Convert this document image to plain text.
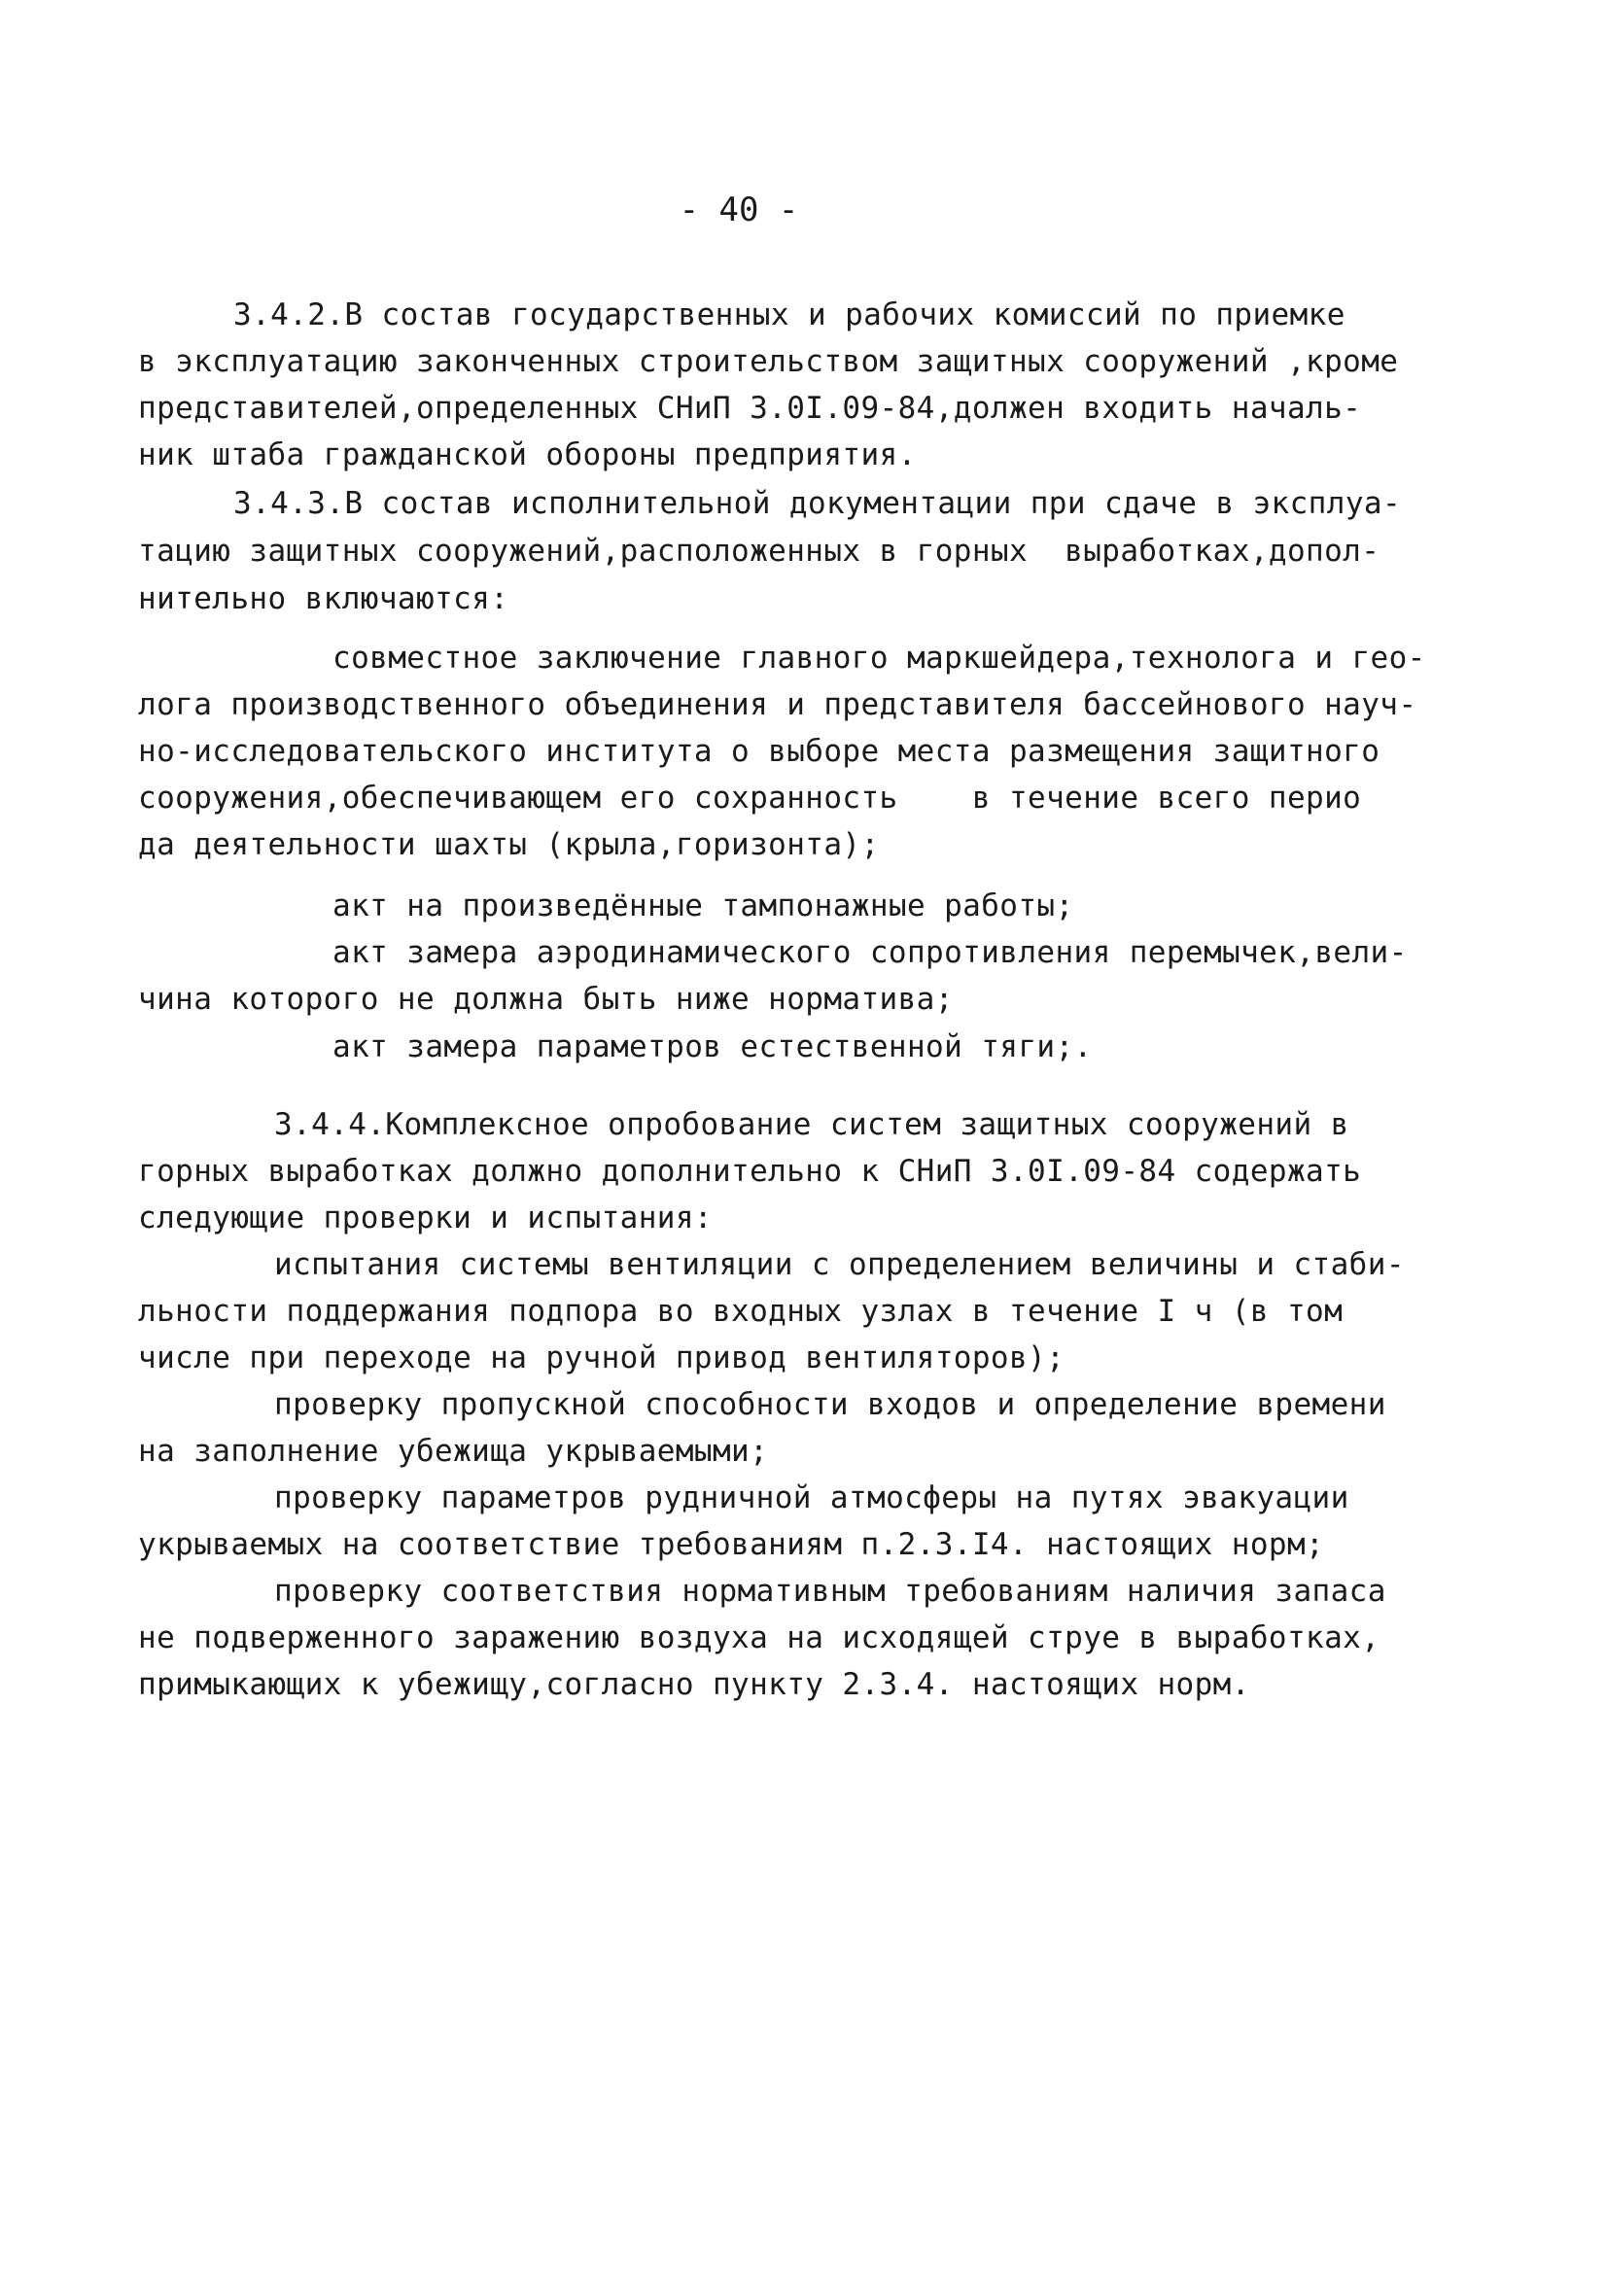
- 40 -
3.4.2.В состав государственных и рабочих комиссий по приемке
в эксплуатацию законченных строительством защитных сооружений ,кроме
представителей,определенных СНиП 3.0I.09-84,должен входить началь-
ник штаба гражданской обороны предприятия.
3.4.3.В состав исполнительной документации при сдаче в эксплуа-
тацию защитных сооружений,расположенных в горных  выработках,допол-
нительно включаются:
совместное заключение главного маркшейдера,технолога и гео-
лога производственного объединения и представителя бассейнового науч-
но-исследовательского института о выборе места размещения защитного
сооружения,обеспечивающем его сохранность    в течение всего перио
да деятельности шахты (крыла,горизонта);
акт на произведённые тампонажные работы;
акт замера аэродинамического сопротивления перемычек,вели-
чина которого не должна быть ниже норматива;
акт замера параметров естественной тяги;.
3.4.4.Комплексное опробование систем защитных сооружений в
горных выработках должно дополнительно к СНиП 3.0I.09-84 содержать
следующие проверки и испытания:
испытания системы вентиляции с определением величины и стаби-
льности поддержания подпора во входных узлах в течение I ч (в том
числе при переходе на ручной привод вентиляторов);
проверку пропускной способности входов и определение времени
на заполнение убежища укрываемыми;
проверку параметров рудничной атмосферы на путях эвакуации
укрываемых на соответствие требованиям п.2.3.I4. настоящих норм;
проверку соответствия нормативным требованиям наличия запаса
не подверженного заражению воздуха на исходящей струе в выработках,
примыкающих к убежищу,согласно пункту 2.3.4. настоящих норм.
